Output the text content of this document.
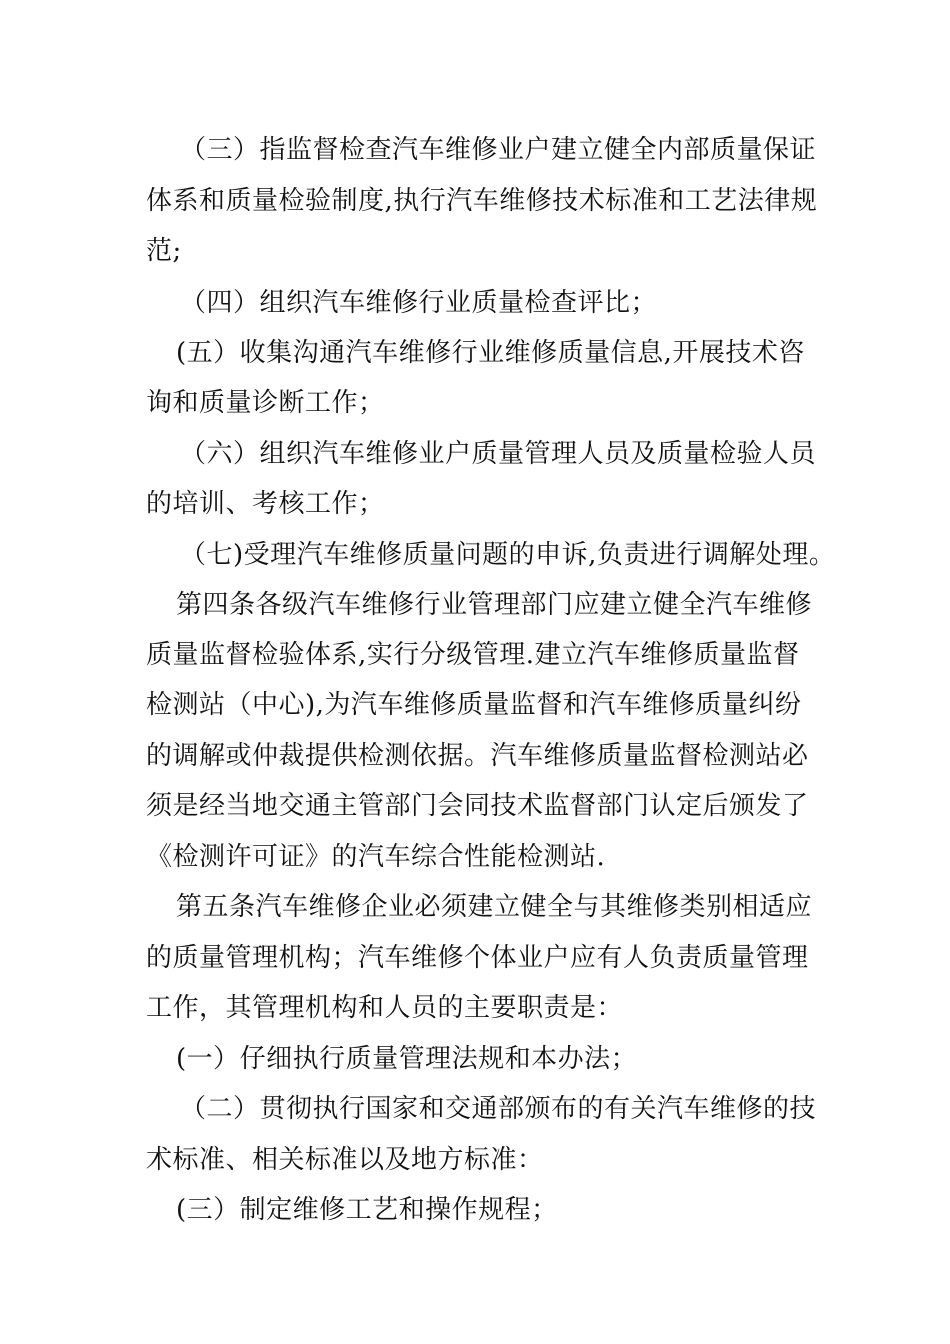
（三）指监督检查汽车维修业户建立健全内部质量保证
体系和质量检验制度,执行汽车维修技术标准和工艺法律规
范;
（四）组织汽车维修行业质量检查评比；
(五）收集沟通汽车维修行业维修质量信息,开展技术咨
询和质量诊断工作；
（六）组织汽车维修业户质量管理人员及质量检验人员
的培训、考核工作；
（七)受理汽车维修质量问题的申诉,负责进行调解处理。
第四条各级汽车维修行业管理部门应建立健全汽车维修
质量监督检验体系,实行分级管理.建立汽车维修质量监督
检测站（中心),为汽车维修质量监督和汽车维修质量纠纷
的调解或仲裁提供检测依据。汽车维修质量监督检测站必
须是经当地交通主管部门会同技术监督部门认定后颁发了
《检测许可证》的汽车综合性能检测站.
第五条汽车维修企业必须建立健全与其维修类别相适应
的质量管理机构；汽车维修个体业户应有人负责质量管理
工作，其管理机构和人员的主要职责是：
(一）仔细执行质量管理法规和本办法；
（二）贯彻执行国家和交通部颁布的有关汽车维修的技
术标准、相关标准以及地方标准：
(三）制定维修工艺和操作规程；
